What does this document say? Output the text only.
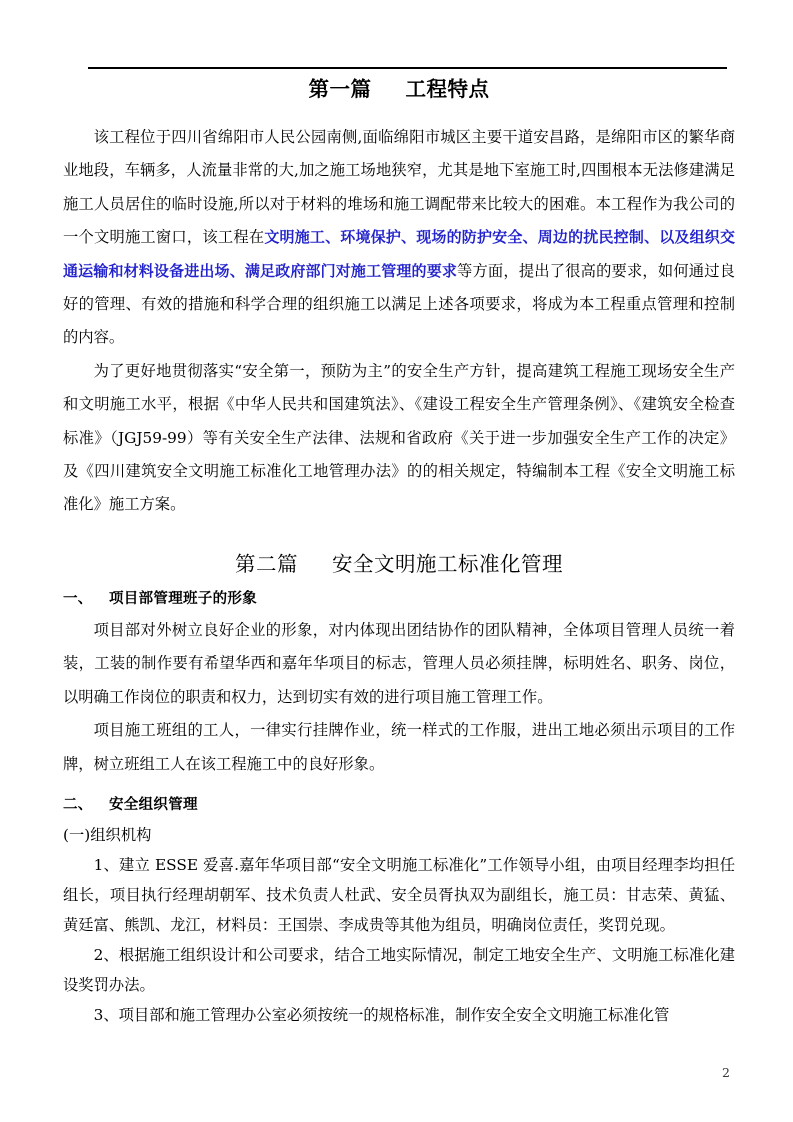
第一篇 工程特点

该工程位于四川省绵阳市人民公园南侧,面临绵阳市城区主要干道安昌路，是绵阳市区的繁华商业地段，车辆多，人流量非常的大,加之施工场地狭窄，尤其是地下室施工时,四围根本无法修建满足施工人员居住的临时设施,所以对于材料的堆场和施工调配带来比较大的困难。本工程作为我公司的一个文明施工窗口，该工程在文明施工、环境保护、现场的防护安全、周边的扰民控制、以及组织交通运输和材料设备进出场、满足政府部门对施工管理的要求等方面，提出了很高的要求，如何通过良好的管理、有效的措施和科学合理的组织施工以满足上述各项要求，将成为本工程重点管理和控制的内容。

为了更好地贯彻落实“安全第一，预防为主”的安全生产方针，提高建筑工程施工现场安全生产和文明施工水平，根据《中华人民共和国建筑法》、《建设工程安全生产管理条例》、《建筑安全检查标准》（JGJ59-99）等有关安全生产法律、法规和省政府《关于进一步加强安全生产工作的决定》及《四川建筑安全文明施工标准化工地管理办法》的的相关规定，特编制本工程《安全文明施工标准化》施工方案。

第二篇 安全文明施工标准化管理
一、 项目部管理班子的形象

项目部对外树立良好企业的形象，对内体现出团结协作的团队精神，全体项目管理人员统一着装，工装的制作要有希望华西和嘉年华项目的标志，管理人员必须挂牌，标明姓名、职务、岗位，以明确工作岗位的职责和权力，达到切实有效的进行项目施工管理工作。

项目施工班组的工人，一律实行挂牌作业，统一样式的工作服，进出工地必须出示项目的工作牌，树立班组工人在该工程施工中的良好形象。

二、 安全组织管理

(一)组织机构

1、建立 ESSE 爱喜.嘉年华项目部“安全文明施工标准化”工作领导小组，由项目经理李均担任组长，项目执行经理胡朝军、技术负责人杜武、安全员胥执双为副组长，施工员：甘志荣、黄猛、黄廷富、熊凯、龙江，材料员：王国崇、李成贵等其他为组员，明确岗位责任，奖罚兑现。

2、根据施工组织设计和公司要求，结合工地实际情况，制定工地安全生产、文明施工标准化建设奖罚办法。

3、项目部和施工管理办公室必须按统一的规格标准，制作安全安全文明施工标准化管

2
